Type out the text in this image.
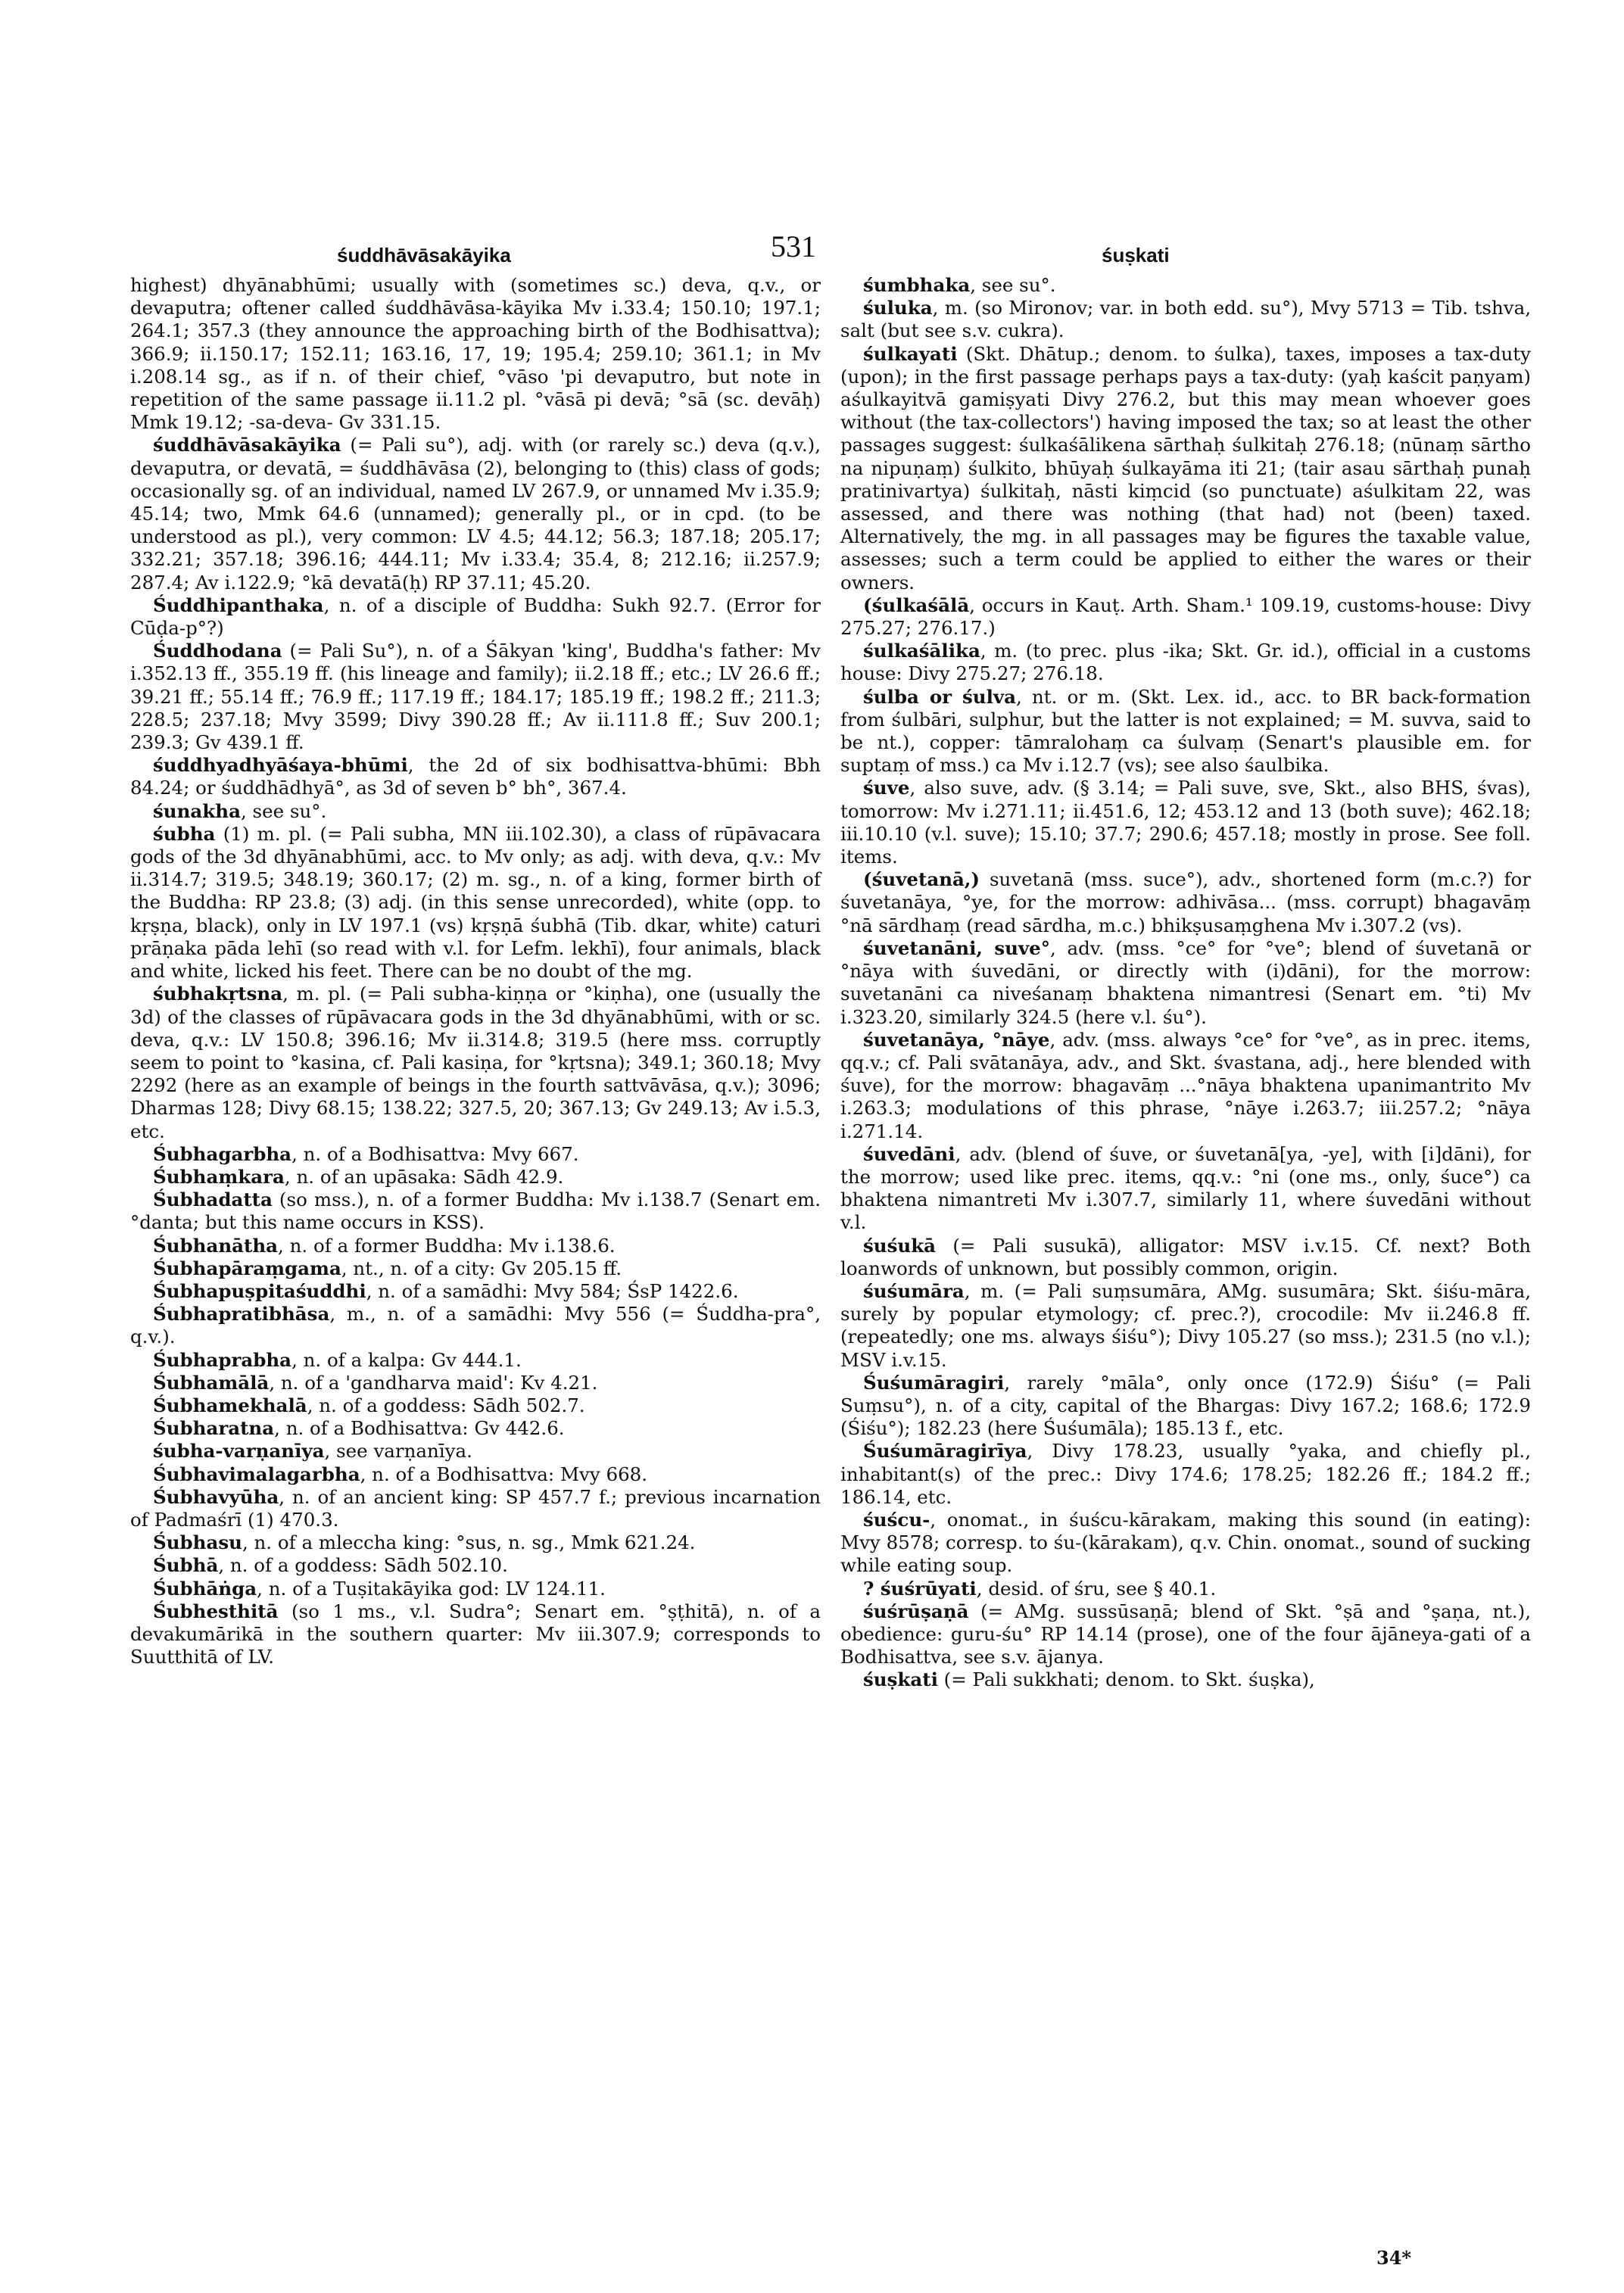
śuddhāvāsakāyika	531	śuṣkati

highest) dhyānabhūmi; usually with (sometimes sc.) deva, q.v., or devaputra; oftener called śuddhāvāsa-kāyika Mv i.33.4; 150.10; 197.1; 264.1; 357.3 (they announce the approaching birth of the Bodhisattva); 366.9; ii.150.17; 152.11; 163.16, 17, 19; 195.4; 259.10; 361.1; in Mv i.208.14 sg., as if n. of their chief, °vāso 'pi devaputro, but note in repetition of the same passage ii.11.2 pl. °vāsā pi devā; °sā (sc. devāḥ) Mmk 19.12; -sa-deva- Gv 331.15.

śuddhāvāsakāyika (= Pali su°), adj. with (or rarely sc.) deva (q.v.), devaputra, or devatā, = śuddhāvāsa (2), belonging to (this) class of gods; occasionally sg. of an individual, named LV 267.9, or unnamed Mv i.35.9; 45.14; two, Mmk 64.6 (unnamed); generally pl., or in cpd. (to be understood as pl.), very common: LV 4.5; 44.12; 56.3; 187.18; 205.17; 332.21; 357.18; 396.16; 444.11; Mv i.33.4; 35.4, 8; 212.16; ii.257.9; 287.4; Av i.122.9; °kā devatā(ḥ) RP 37.11; 45.20.

Śuddhipanthaka, n. of a disciple of Buddha: Sukh 92.7. (Error for Cūḍa-p°?)

Śuddhodana (= Pali Su°), n. of a Śākyan 'king', Buddha's father: Mv i.352.13 ff., 355.19 ff. (his lineage and family); ii.2.18 ff.; etc.; LV 26.6 ff.; 39.21 ff.; 55.14 ff.; 76.9 ff.; 117.19 ff.; 184.17; 185.19 ff.; 198.2 ff.; 211.3; 228.5; 237.18; Mvy 3599; Divy 390.28 ff.; Av ii.111.8 ff.; Suv 200.1; 239.3; Gv 439.1 ff.

śuddhyadhyāśaya-bhūmi, the 2d of six bodhisattva-bhūmi: Bbh 84.24; or śuddhādhyā°, as 3d of seven b° bh°, 367.4.

śunakha, see su°.

śubha (1) m. pl. (= Pali subha, MN iii.102.30), a class of rūpāvacara gods of the 3d dhyānabhūmi, acc. to Mv only; as adj. with deva, q.v.: Mv ii.314.7; 319.5; 348.19; 360.17; (2) m. sg., n. of a king, former birth of the Buddha: RP 23.8; (3) adj. (in this sense unrecorded), white (opp. to kṛṣṇa, black), only in LV 197.1 (vs) kṛṣṇā śubhā (Tib. dkar, white) caturi prāṇaka pāda lehī (so read with v.l. for Lefm. lekhī), four animals, black and white, licked his feet. There can be no doubt of the mg.

śubhakṛtsna, m. pl. (= Pali subha-kiṇṇa or °kiṇha), one (usually the 3d) of the classes of rūpāvacara gods in the 3d dhyānabhūmi, with or sc. deva, q.v.: LV 150.8; 396.16; Mv ii.314.8; 319.5 (here mss. corruptly seem to point to °kasina, cf. Pali kasiṇa, for °kṛtsna); 349.1; 360.18; Mvy 2292 (here as an example of beings in the fourth sattvāvāsa, q.v.); 3096; Dharmas 128; Divy 68.15; 138.22; 327.5, 20; 367.13; Gv 249.13; Av i.5.3, etc.

Śubhagarbha, n. of a Bodhisattva: Mvy 667.

Śubhaṃkara, n. of an upāsaka: Sādh 42.9.

Śubhadatta (so mss.), n. of a former Buddha: Mv i.138.7 (Senart em. °danta; but this name occurs in KSS).

Śubhanātha, n. of a former Buddha: Mv i.138.6.

Śubhapāraṃgama, nt., n. of a city: Gv 205.15 ff.

Śubhapuṣpitaśuddhi, n. of a samādhi: Mvy 584; ŚsP 1422.6.

Śubhapratibhāsa, m., n. of a samādhi: Mvy 556 (= Śuddha-pra°, q.v.).

Śubhaprabha, n. of a kalpa: Gv 444.1.

Śubhamālā, n. of a 'gandharva maid': Kv 4.21.

Śubhamekhalā, n. of a goddess: Sādh 502.7.

Śubharatna, n. of a Bodhisattva: Gv 442.6.

śubha-varṇanīya, see varṇanīya.

Śubhavimalagarbha, n. of a Bodhisattva: Mvy 668.

Śubhavyūha, n. of an ancient king: SP 457.7 f.; previous incarnation of Padmaśrī (1) 470.3.

Śubhasu, n. of a mleccha king: °sus, n. sg., Mmk 621.24.

Śubhā, n. of a goddess: Sādh 502.10.

Śubhāṅga, n. of a Tuṣitakāyika god: LV 124.11.

Śubhesthitā (so 1 ms., v.l. Sudra°; Senart em. °ṣṭhitā), n. of a devakumārikā in the southern quarter: Mv iii.307.9; corresponds to Suutthitā of LV.

śumbhaka, see su°.

śuluka, m. (so Mironov; var. in both edd. su°), Mvy 5713 = Tib. tshva, salt (but see s.v. cukra).

śulkayati (Skt. Dhātup.; denom. to śulka), taxes, imposes a tax-duty (upon); in the first passage perhaps pays a tax-duty: (yaḥ kaścit paṇyam) aśulkayitvā gamiṣyati Divy 276.2, but this may mean whoever goes without (the tax-collectors') having imposed the tax; so at least the other passages suggest: śulkaśālikena sārthaḥ śulkitaḥ 276.18; (nūnaṃ sārtho na nipuṇaṃ) śulkito, bhūyaḥ śulkayāma iti 21; (tair asau sārthaḥ punaḥ pratinivartya) śulkitaḥ, nāsti kiṃcid (so punctuate) aśulkitam 22, was assessed, and there was nothing (that had) not (been) taxed. Alternatively, the mg. in all passages may be figures the taxable value, assesses; such a term could be applied to either the wares or their owners.

(śulkaśālā, occurs in Kauṭ. Arth. Sham.¹ 109.19, customs-house: Divy 275.27; 276.17.)

śulkaśālika, m. (to prec. plus -ika; Skt. Gr. id.), official in a customs house: Divy 275.27; 276.18.

śulba or śulva, nt. or m. (Skt. Lex. id., acc. to BR back-formation from śulbāri, sulphur, but the latter is not explained; = M. suvva, said to be nt.), copper: tāmralohaṃ ca śulvaṃ (Senart's plausible em. for suptaṃ of mss.) ca Mv i.12.7 (vs); see also śaulbika.

śuve, also suve, adv. (§ 3.14; = Pali suve, sve, Skt., also BHS, śvas), tomorrow: Mv i.271.11; ii.451.6, 12; 453.12 and 13 (both suve); 462.18; iii.10.10 (v.l. suve); 15.10; 37.7; 290.6; 457.18; mostly in prose. See foll. items.

(śuvetanā,) suvetanā (mss. suce°), adv., shortened form (m.c.?) for śuvetanāya, °ye, for the morrow: adhivāsa... (mss. corrupt) bhagavāṃ °nā sārdhaṃ (read sārdha, m.c.) bhikṣusaṃghena Mv i.307.2 (vs).

śuvetanāni, suve°, adv. (mss. °ce° for °ve°; blend of śuvetanā or °nāya with śuvedāni, or directly with (i)dāni), for the morrow: suvetanāni ca niveśanaṃ bhaktena nimantresi (Senart em. °ti) Mv i.323.20, similarly 324.5 (here v.l. śu°).

śuvetanāya, °nāye, adv. (mss. always °ce° for °ve°, as in prec. items, qq.v.; cf. Pali svātanāya, adv., and Skt. śvastana, adj., here blended with śuve), for the morrow: bhagavāṃ ...°nāya bhaktena upanimantrito Mv i.263.3; modulations of this phrase, °nāye i.263.7; iii.257.2; °nāya i.271.14.

śuvedāni, adv. (blend of śuve, or śuvetanā[ya, -ye], with [i]dāni), for the morrow; used like prec. items, qq.v.: °ni (one ms., only, śuce°) ca bhaktena nimantreti Mv i.307.7, similarly 11, where śuvedāni without v.l.

śuśukā (= Pali susukā), alligator: MSV i.v.15. Cf. next? Both loanwords of unknown, but possibly common, origin.

śuśumāra, m. (= Pali suṃsumāra, AMg. susumāra; Skt. śiśu-māra, surely by popular etymology; cf. prec.?), crocodile: Mv ii.246.8 ff. (repeatedly; one ms. always śiśu°); Divy 105.27 (so mss.); 231.5 (no v.l.); MSV i.v.15.

Śuśumāragiri, rarely °māla°, only once (172.9) Śiśu° (= Pali Suṃsu°), n. of a city, capital of the Bhargas: Divy 167.2; 168.6; 172.9 (Śiśu°); 182.23 (here Śuśumāla); 185.13 f., etc.

Śuśumāragirīya, Divy 178.23, usually °yaka, and chiefly pl., inhabitant(s) of the prec.: Divy 174.6; 178.25; 182.26 ff.; 184.2 ff.; 186.14, etc.

śuścu-, onomat., in śuścu-kārakam, making this sound (in eating): Mvy 8578; corresp. to śu-(kārakam), q.v. Chin. onomat., sound of sucking while eating soup.

? śuśrūyati, desid. of śru, see § 40.1.

śuśrūṣaṇā (= AMg. sussūsaṇā; blend of Skt. °ṣā and °ṣaṇa, nt.), obedience: guru-śu° RP 14.14 (prose), one of the four ājāneya-gati of a Bodhisattva, see s.v. ājanya.

śuṣkati (= Pali sukkhati; denom. to Skt. śuṣka),

34*
